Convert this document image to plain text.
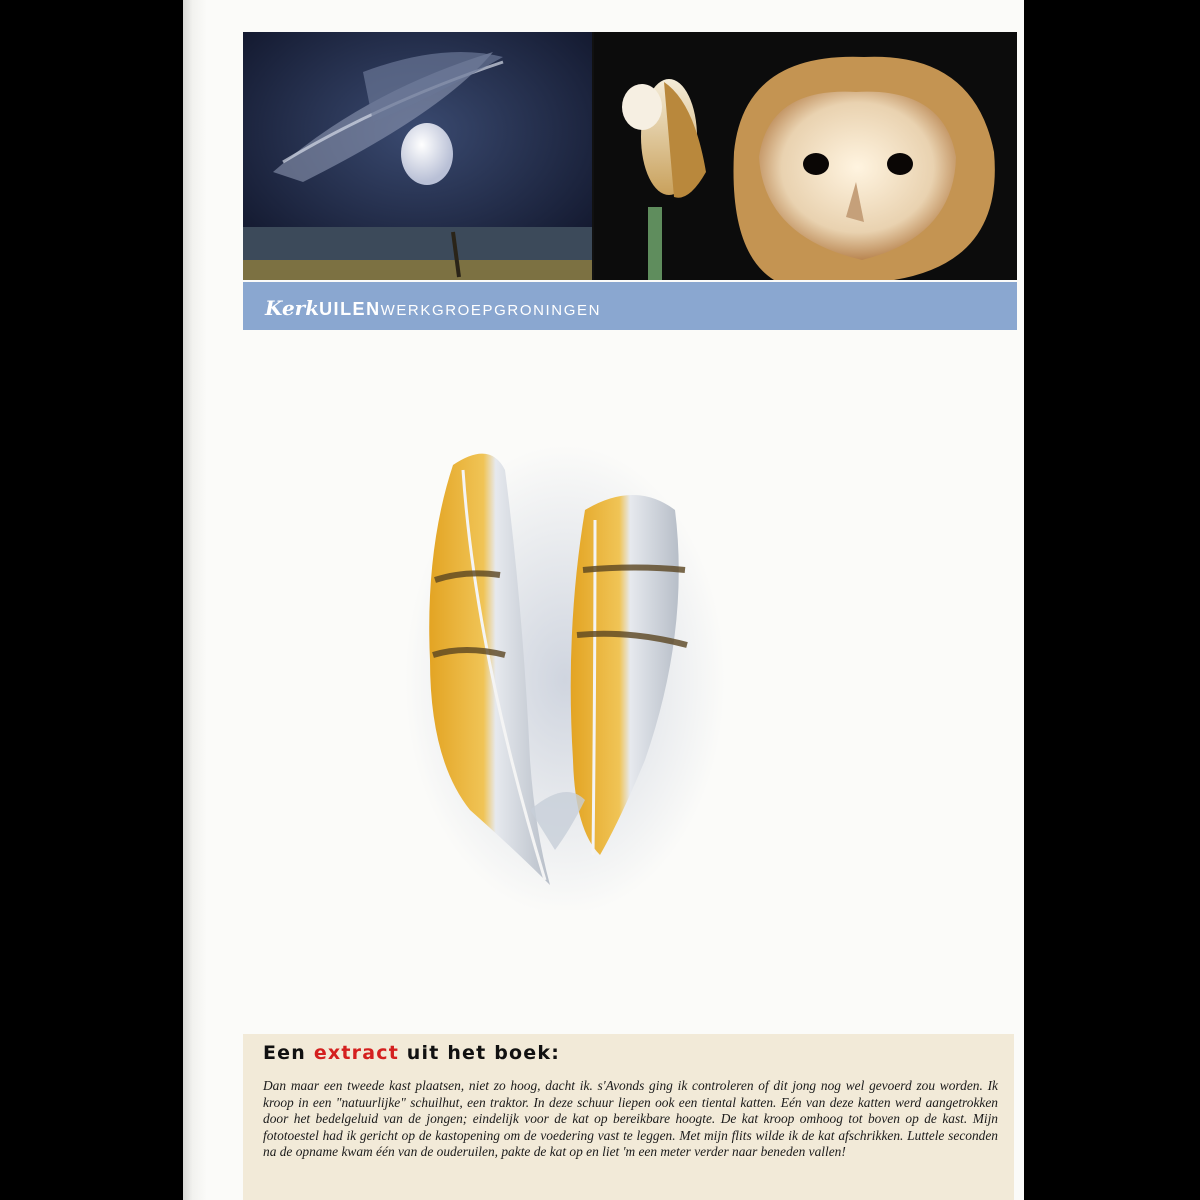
KerkUILENWERKGROEPGRONINGEN
Een extract uit het boek:
Dan maar een tweede kast plaatsen, niet zo hoog, dacht ik. s'Avonds ging ik controleren of dit jong nog wel gevoerd zou worden. Ik kroop in een "natuurlijke" schuilhut, een traktor. In deze schuur liepen ook een tiental katten. Eén van deze katten werd aangetrokken door het bedelgeluid van de jongen; eindelijk voor de kat op bereikbare hoogte. De kat kroop omhoog tot boven op de kast. Mijn fototoestel had ik gericht op de kastopening om de voedering vast te leggen. Met mijn flits wilde ik de kat afschrikken. Luttele seconden na de opname kwam één van de ouderuilen, pakte de kat op en liet 'm een meter verder naar beneden vallen!
